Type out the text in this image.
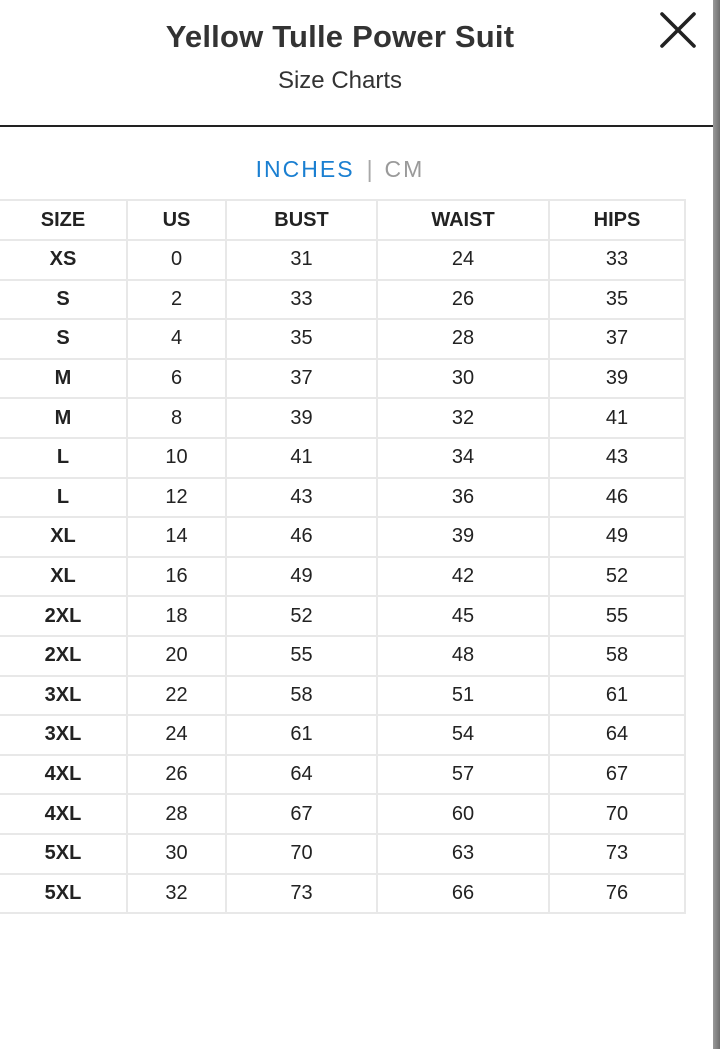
Yellow Tulle Power Suit
Size Charts
INCHES | CM
SIZE	US	BUST	WAIST	HIPS
XS	0	31	24	33
S	2	33	26	35
S	4	35	28	37
M	6	37	30	39
M	8	39	32	41
L	10	41	34	43
L	12	43	36	46
XL	14	46	39	49
XL	16	49	42	52
2XL	18	52	45	55
2XL	20	55	48	58
3XL	22	58	51	61
3XL	24	61	54	64
4XL	26	64	57	67
4XL	28	67	60	70
5XL	30	70	63	73
5XL	32	73	66	76
